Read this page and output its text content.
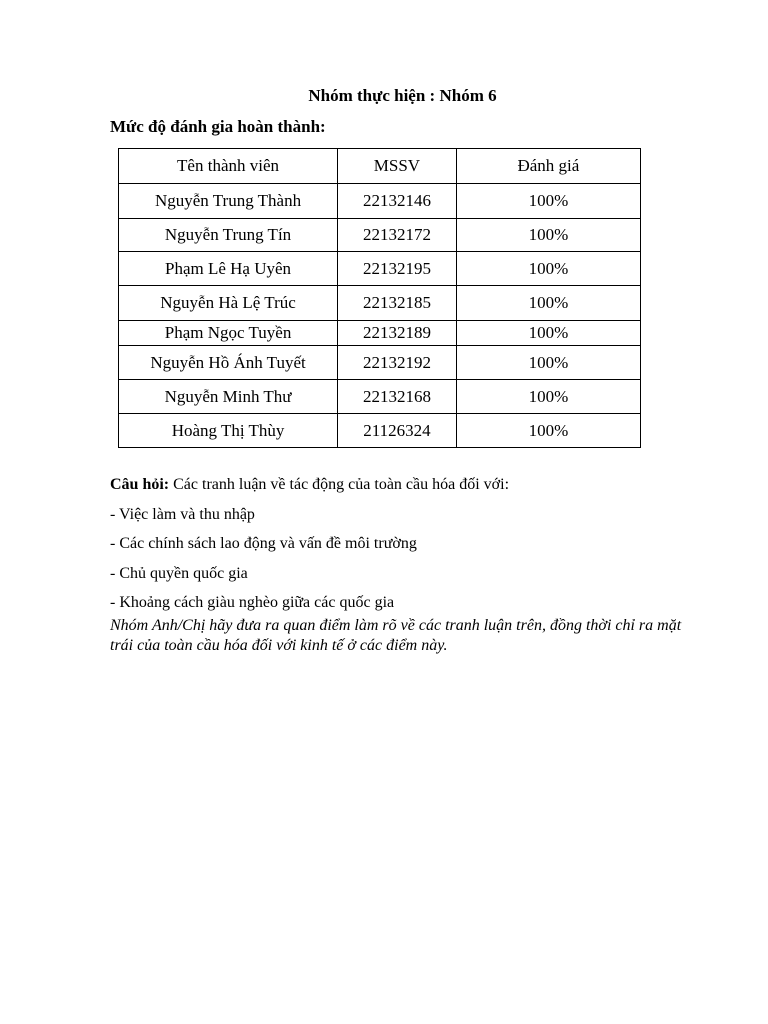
Nhóm thực hiện : Nhóm 6
Mức độ đánh gia hoàn thành:
Tên thành viên	MSSV	Đánh giá
Nguyễn Trung Thành	22132146	100%
Nguyễn Trung Tín	22132172	100%
Phạm Lê Hạ Uyên	22132195	100%
Nguyễn Hà Lệ Trúc	22132185	100%
Phạm Ngọc Tuyền	22132189	100%
Nguyễn Hồ Ánh Tuyết	22132192	100%
Nguyễn Minh Thư	22132168	100%
Hoàng Thị Thùy	21126324	100%

Câu hỏi: Các tranh luận về tác động của toàn cầu hóa đối với:

- Việc làm và thu nhập

- Các chính sách lao động và vấn đề môi trường

- Chủ quyền quốc gia

- Khoảng cách giàu nghèo giữa các quốc gia

Nhóm Anh/Chị hãy đưa ra quan điểm làm rõ về các tranh luận trên, đồng thời chỉ ra mặt trái của toàn cầu hóa đối với kinh tế ở các điểm này.
